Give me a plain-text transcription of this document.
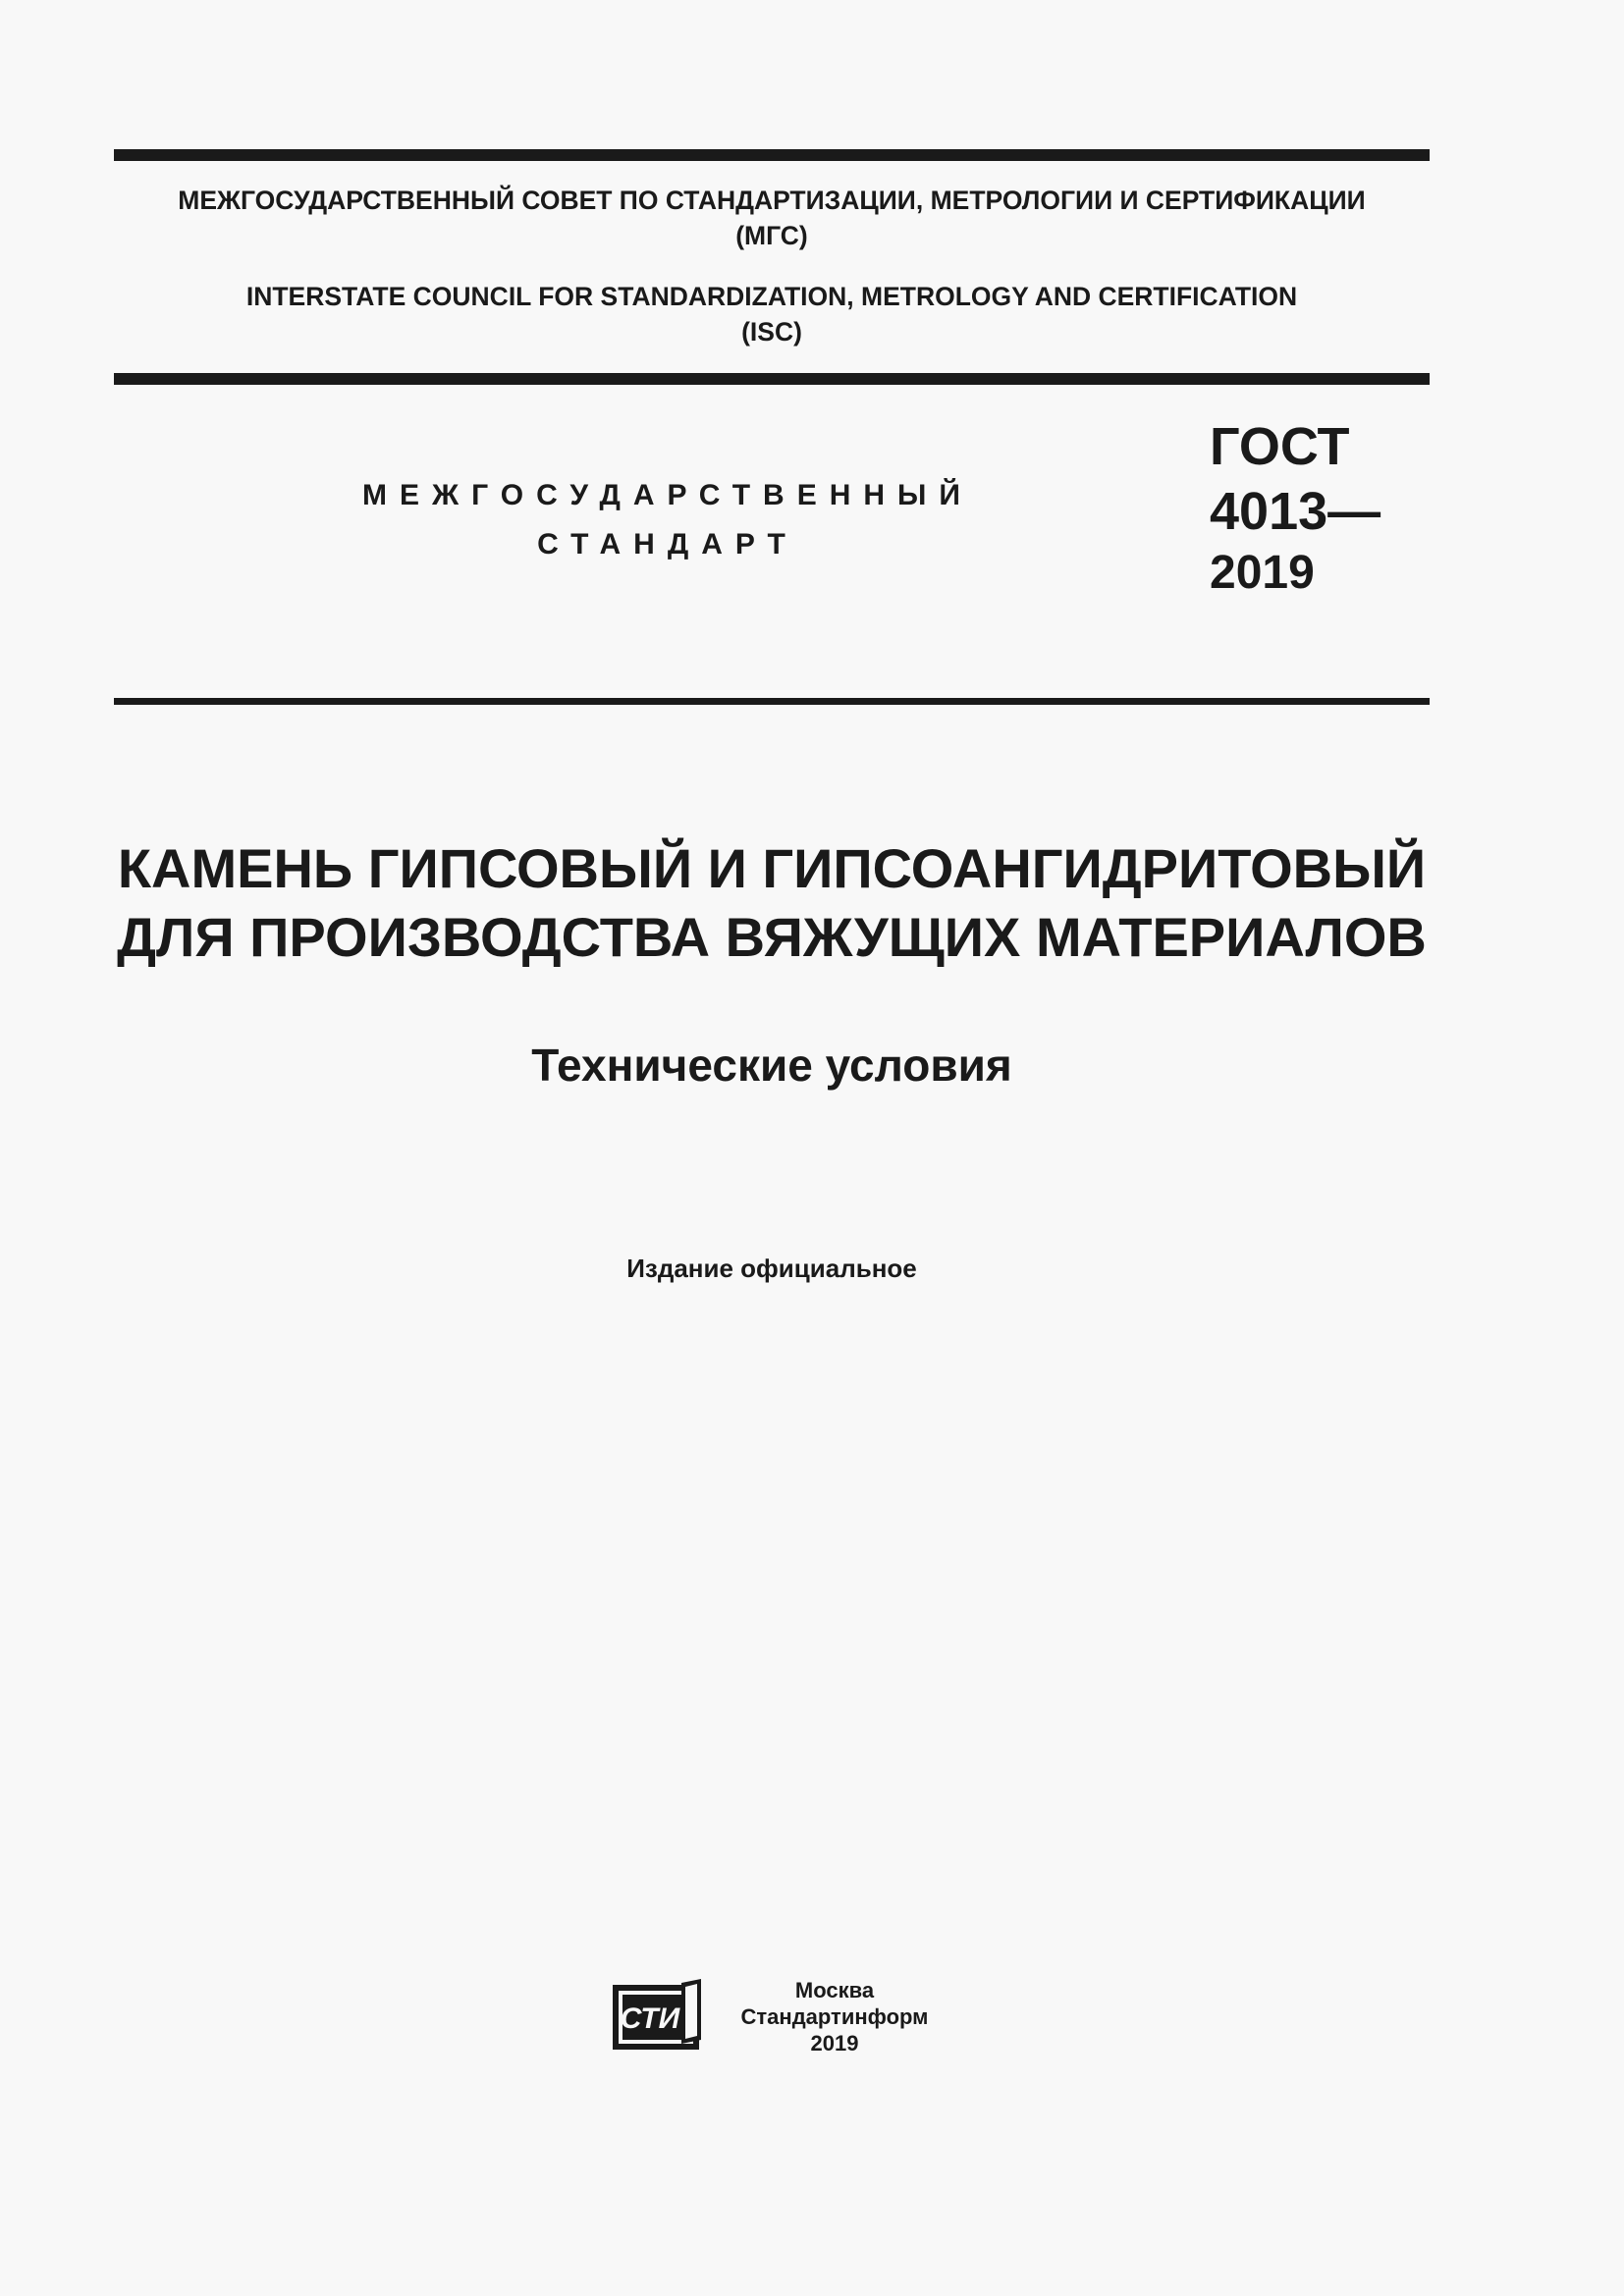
МЕЖГОСУДАРСТВЕННЫЙ СОВЕТ ПО СТАНДАРТИЗАЦИИ, МЕТРОЛОГИИ И СЕРТИФИКАЦИИ
(МГС)
INTERSTATE COUNCIL FOR STANDARDIZATION, METROLOGY AND CERTIFICATION
(ISC)
МЕЖГОСУДАРСТВЕННЫЙ
СТАНДАРТ
ГОСТ
4013—
2019
КАМЕНЬ ГИПСОВЫЙ И ГИПСОАНГИДРИТОВЫЙ
ДЛЯ ПРОИЗВОДСТВА ВЯЖУЩИХ МАТЕРИАЛОВ
Технические условия
Издание официальное
СТИ
Москва
Стандартинформ
2019
